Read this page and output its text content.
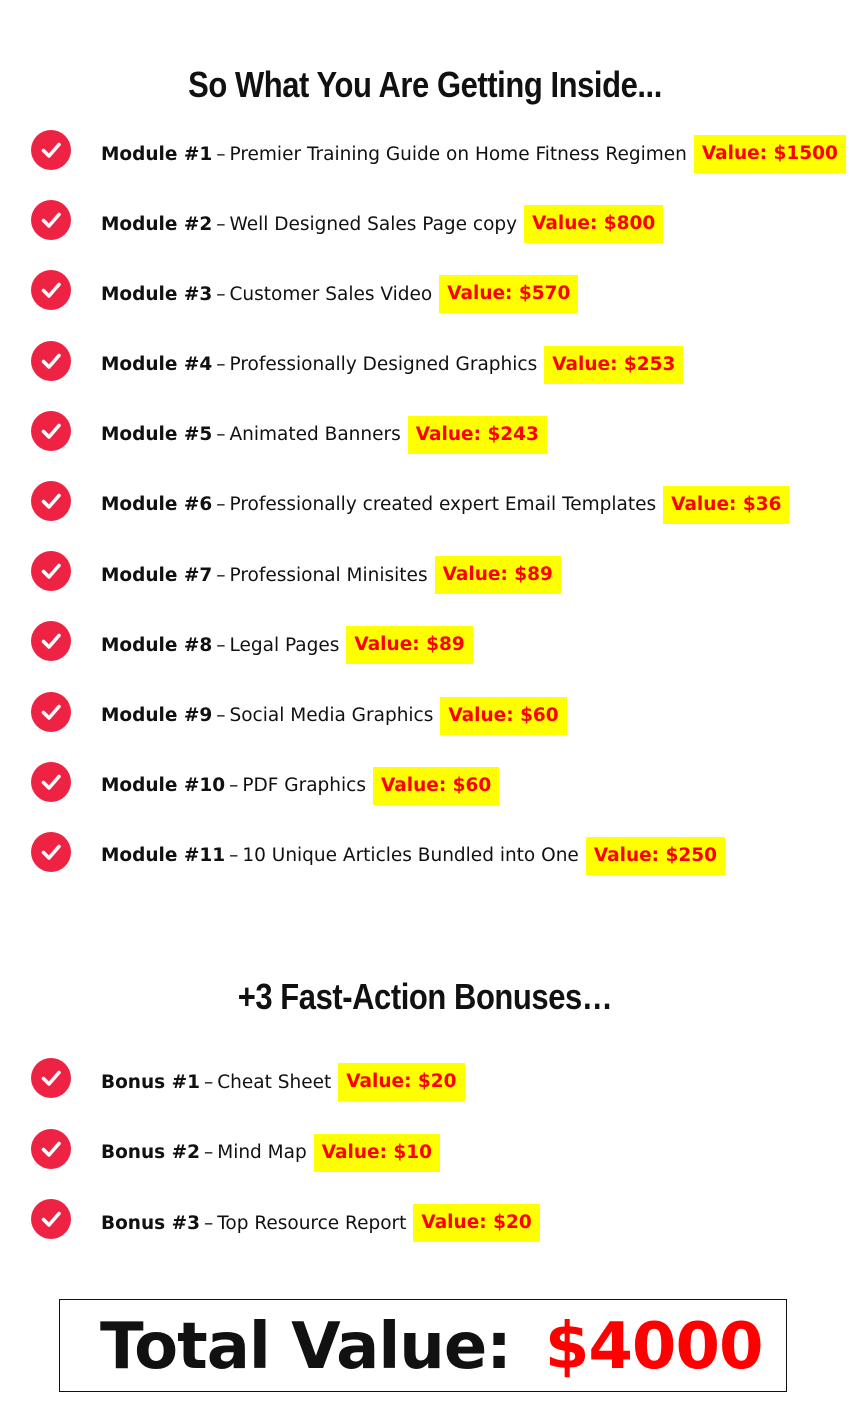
So What You Are Getting Inside...
Module #1 – Premier Training Guide on Home Fitness Regimen Value: $1500
Module #2 – Well Designed Sales Page copy Value: $800
Module #3 – Customer Sales Video Value: $570
Module #4 – Professionally Designed Graphics Value: $253
Module #5 – Animated Banners Value: $243
Module #6 – Professionally created expert Email Templates Value: $36
Module #7 – Professional Minisites Value: $89
Module #8 – Legal Pages Value: $89
Module #9 – Social Media Graphics Value: $60
Module #10 – PDF Graphics Value: $60
Module #11 – 10 Unique Articles Bundled into One Value: $250
+3 Fast-Action Bonuses…
Bonus #1 – Cheat Sheet Value: $20
Bonus #2 – Mind Map Value: $10
Bonus #3 – Top Resource Report Value: $20
Total Value: $4000
